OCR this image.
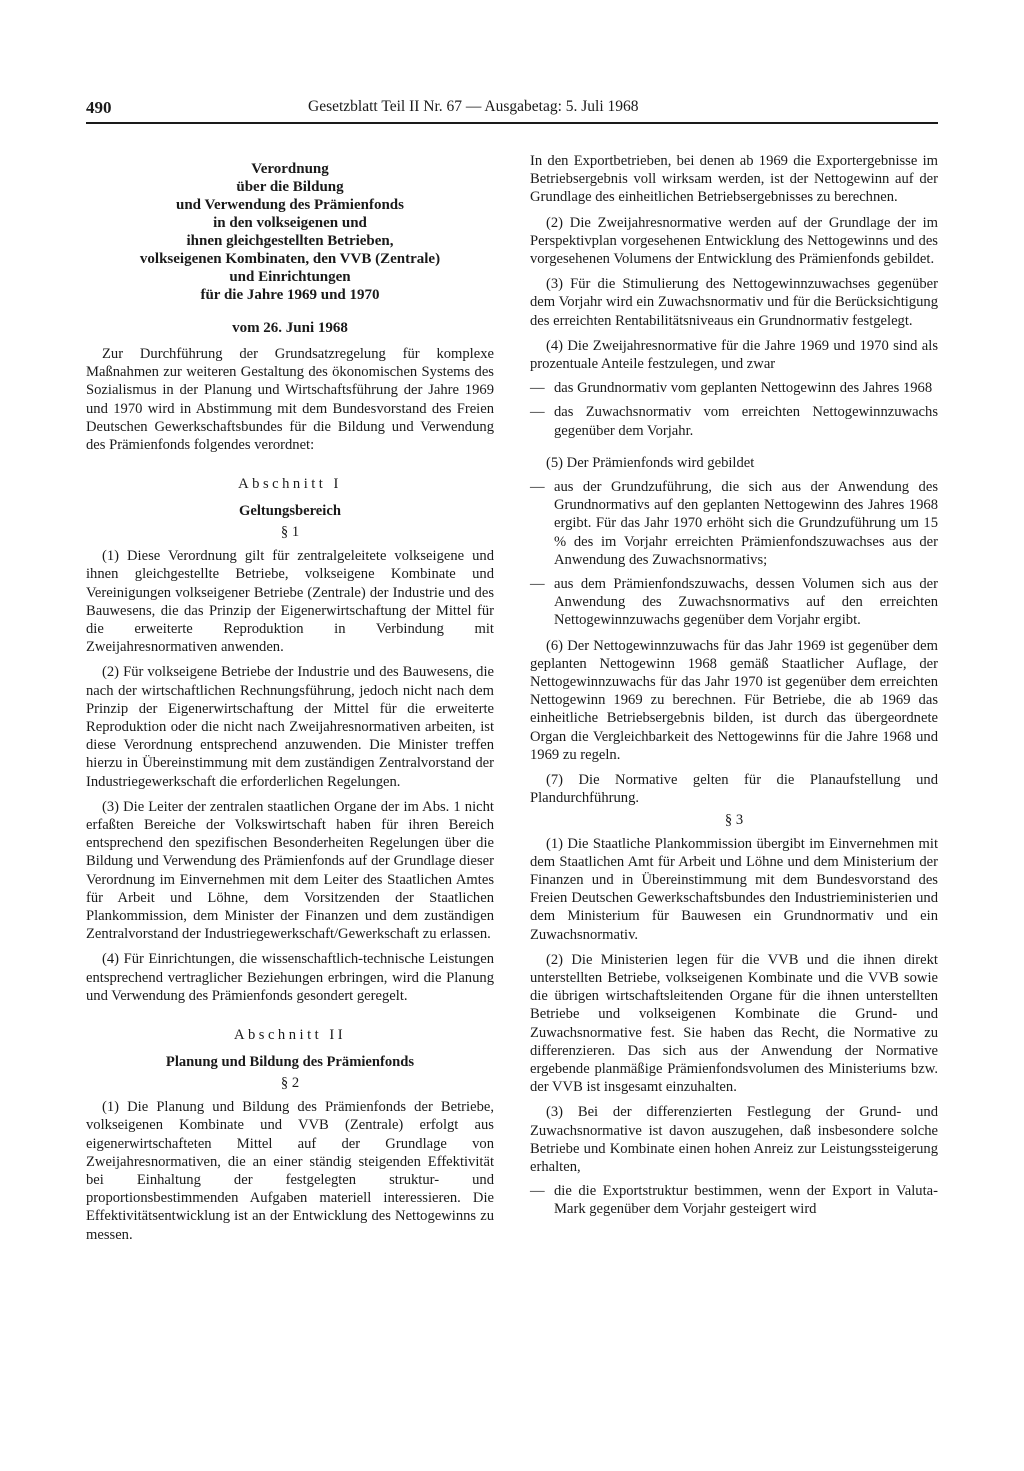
490	Gesetzblatt Teil II Nr. 67 — Ausgabetag: 5. Juli 1968
Verordnung
über die Bildung
und Verwendung des Prämienfonds
in den volkseigenen und
ihnen gleichgestellten Betrieben,
volkseigenen Kombinaten, den VVB (Zentrale)
und Einrichtungen
für die Jahre 1969 und 1970
vom 26. Juni 1968

Zur Durchführung der Grundsatzregelung für komplexe Maßnahmen zur weiteren Gestaltung des ökonomischen Systems des Sozialismus in der Planung und Wirtschaftsführung der Jahre 1969 und 1970 wird in Abstimmung mit dem Bundesvorstand des Freien Deutschen Gewerkschaftsbundes für die Bildung und Verwendung des Prämienfonds folgendes verordnet:

Abschnitt I
Geltungsbereich
§ 1

(1) Diese Verordnung gilt für zentralgeleitete volkseigene und ihnen gleichgestellte Betriebe, volkseigene Kombinate und Vereinigungen volkseigener Betriebe (Zentrale) der Industrie und des Bauwesens, die das Prinzip der Eigenerwirtschaftung der Mittel für die erweiterte Reproduktion in Verbindung mit Zweijahresnormativen anwenden.

(2) Für volkseigene Betriebe der Industrie und des Bauwesens, die nach der wirtschaftlichen Rechnungsführung, jedoch nicht nach dem Prinzip der Eigenerwirtschaftung der Mittel für die erweiterte Reproduktion oder die nicht nach Zweijahresnormativen arbeiten, ist diese Verordnung entsprechend anzuwenden. Die Minister treffen hierzu in Übereinstimmung mit dem zuständigen Zentralvorstand der Industriegewerkschaft die erforderlichen Regelungen.

(3) Die Leiter der zentralen staatlichen Organe der im Abs. 1 nicht erfaßten Bereiche der Volkswirtschaft haben für ihren Bereich entsprechend den spezifischen Besonderheiten Regelungen über die Bildung und Verwendung des Prämienfonds auf der Grundlage dieser Verordnung im Einvernehmen mit dem Leiter des Staatlichen Amtes für Arbeit und Löhne, dem Vorsitzenden der Staatlichen Plankommission, dem Minister der Finanzen und dem zuständigen Zentralvorstand der Industriegewerkschaft/Gewerkschaft zu erlassen.

(4) Für Einrichtungen, die wissenschaftlich-technische Leistungen entsprechend vertraglicher Beziehungen erbringen, wird die Planung und Verwendung des Prämienfonds gesondert geregelt.

Abschnitt II
Planung und Bildung des Prämienfonds
§ 2

(1) Die Planung und Bildung des Prämienfonds der Betriebe, volkseigenen Kombinate und VVB (Zentrale) erfolgt aus eigenerwirtschafteten Mittel auf der Grundlage von Zweijahresnormativen, die an einer ständig steigenden Effektivität bei Einhaltung der festgelegten struktur- und proportionsbestimmenden Aufgaben materiell interessieren. Die Effektivitätsentwicklung ist an der Entwicklung des Nettogewinns zu messen.

In den Exportbetrieben, bei denen ab 1969 die Exportergebnisse im Betriebsergebnis voll wirksam werden, ist der Nettogewinn auf der Grundlage des einheitlichen Betriebsergebnisses zu berechnen.

(2) Die Zweijahresnormative werden auf der Grundlage der im Perspektivplan vorgesehenen Entwicklung des Nettogewinns und des vorgesehenen Volumens der Entwicklung des Prämienfonds gebildet.

(3) Für die Stimulierung des Nettogewinnzuwachses gegenüber dem Vorjahr wird ein Zuwachsnormativ und für die Berücksichtigung des erreichten Rentabilitätsniveaus ein Grundnormativ festgelegt.

(4) Die Zweijahresnormative für die Jahre 1969 und 1970 sind als prozentuale Anteile festzulegen, und zwar

— das Grundnormativ vom geplanten Nettogewinn des Jahres 1968
— das Zuwachsnormativ vom erreichten Nettogewinnzuwachs gegenüber dem Vorjahr.

(5) Der Prämienfonds wird gebildet

— aus der Grundzuführung, die sich aus der Anwendung des Grundnormativs auf den geplanten Nettogewinn des Jahres 1968 ergibt. Für das Jahr 1970 erhöht sich die Grundzuführung um 15 % des im Vorjahr erreichten Prämienfondszuwachses aus der Anwendung des Zuwachsnormativs;
— aus dem Prämienfondszuwachs, dessen Volumen sich aus der Anwendung des Zuwachsnormativs auf den erreichten Nettogewinnzuwachs gegenüber dem Vorjahr ergibt.

(6) Der Nettogewinnzuwachs für das Jahr 1969 ist gegenüber dem geplanten Nettogewinn 1968 gemäß Staatlicher Auflage, der Nettogewinnzuwachs für das Jahr 1970 ist gegenüber dem erreichten Nettogewinn 1969 zu berechnen. Für Betriebe, die ab 1969 das einheitliche Betriebsergebnis bilden, ist durch das übergeordnete Organ die Vergleichbarkeit des Nettogewinns für die Jahre 1968 und 1969 zu regeln.

(7) Die Normative gelten für die Planaufstellung und Plandurchführung.

§ 3

(1) Die Staatliche Plankommission übergibt im Einvernehmen mit dem Staatlichen Amt für Arbeit und Löhne und dem Ministerium der Finanzen und in Übereinstimmung mit dem Bundesvorstand des Freien Deutschen Gewerkschaftsbundes den Industrieministerien und dem Ministerium für Bauwesen ein Grundnormativ und ein Zuwachsnormativ.

(2) Die Ministerien legen für die VVB und die ihnen direkt unterstellten Betriebe, volkseigenen Kombinate und die VVB sowie die übrigen wirtschaftsleitenden Organe für die ihnen unterstellten Betriebe und volkseigenen Kombinate die Grund- und Zuwachsnormative fest. Sie haben das Recht, die Normative zu differenzieren. Das sich aus der Anwendung der Normative ergebende planmäßige Prämienfondsvolumen des Ministeriums bzw. der VVB ist insgesamt einzuhalten.

(3) Bei der differenzierten Festlegung der Grund- und Zuwachsnormative ist davon auszugehen, daß insbesondere solche Betriebe und Kombinate einen hohen Anreiz zur Leistungssteigerung erhalten,

— die die Exportstruktur bestimmen, wenn der Export in Valuta-Mark gegenüber dem Vorjahr gesteigert wird
